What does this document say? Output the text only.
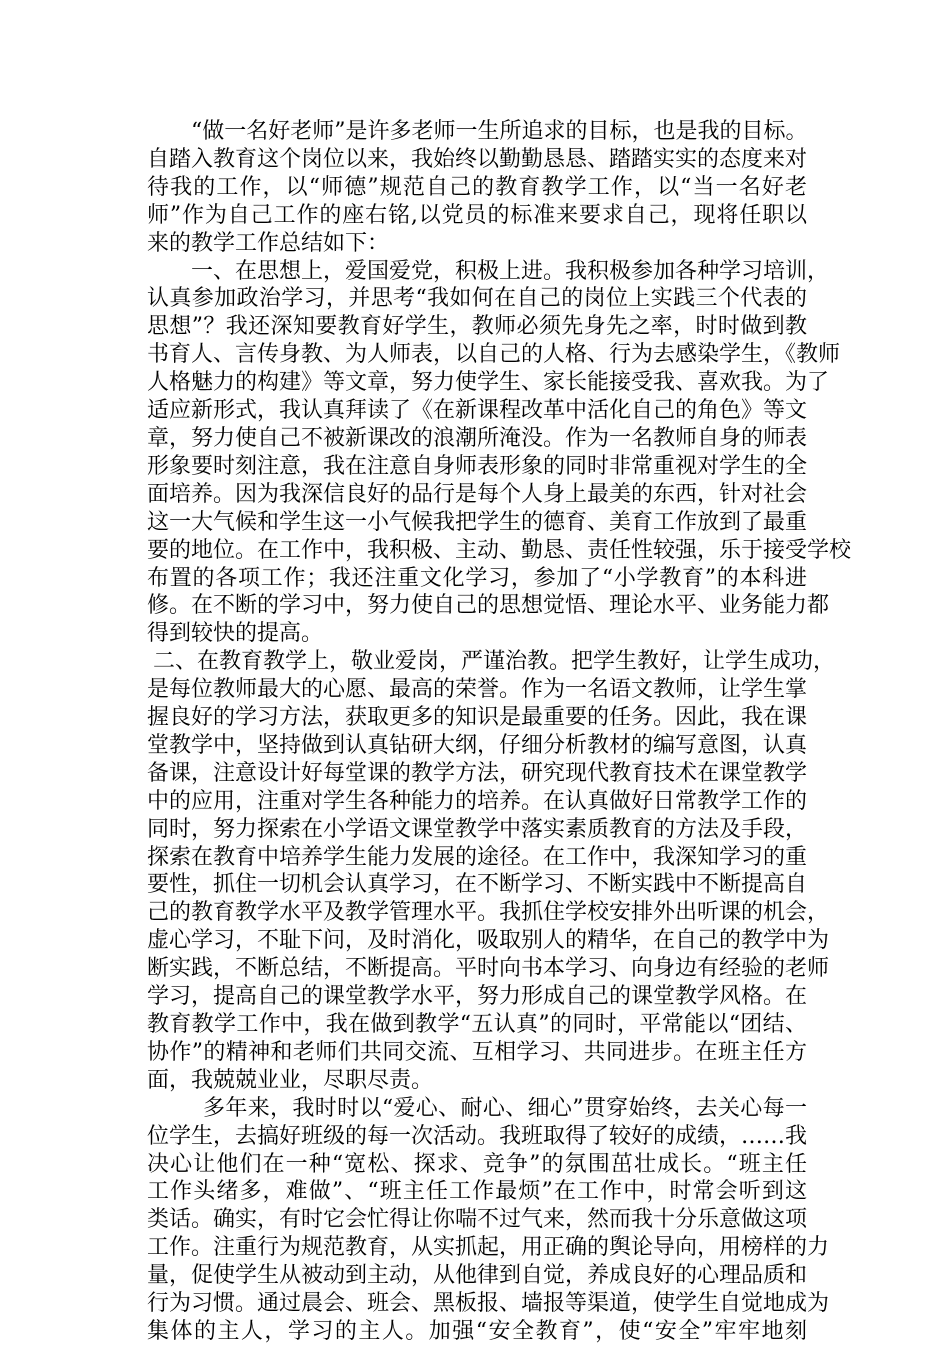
“做一名好老师”是许多老师一生所追求的目标，也是我的目标。
自踏入教育这个岗位以来，我始终以勤勤恳恳、踏踏实实的态度来对
待我的工作，以“师德”规范自己的教育教学工作，以“当一名好老
师”作为自己工作的座右铭,以党员的标准来要求自己，现将任职以
来的教学工作总结如下：
一、在思想上，爱国爱党，积极上进。我积极参加各种学习培训，
认真参加政治学习，并思考“我如何在自己的岗位上实践三个代表的
思想”？我还深知要教育好学生，教师必须先身先之率，时时做到教
书育人、言传身教、为人师表，以自己的人格、行为去感染学生，《教师
人格魅力的构建》等文章，努力使学生、家长能接受我、喜欢我。为了
适应新形式，我认真拜读了《在新课程改革中活化自己的角色》等文
章，努力使自己不被新课改的浪潮所淹没。作为一名教师自身的师表
形象要时刻注意，我在注意自身师表形象的同时非常重视对学生的全
面培养。因为我深信良好的品行是每个人身上最美的东西，针对社会
这一大气候和学生这一小气候我把学生的德育、美育工作放到了最重
要的地位。在工作中，我积极、主动、勤恳、责任性较强，乐于接受学校
布置的各项工作；我还注重文化学习，参加了“小学教育”的本科进
修。在不断的学习中，努力使自己的思想觉悟、理论水平、业务能力都
得到较快的提高。
二、在教育教学上，敬业爱岗，严谨治教。把学生教好，让学生成功，
是每位教师最大的心愿、最高的荣誉。作为一名语文教师，让学生掌
握良好的学习方法，获取更多的知识是最重要的任务。因此，我在课
堂教学中，坚持做到认真钻研大纲，仔细分析教材的编写意图，认真
备课，注意设计好每堂课的教学方法，研究现代教育技术在课堂教学
中的应用，注重对学生各种能力的培养。在认真做好日常教学工作的
同时，努力探索在小学语文课堂教学中落实素质教育的方法及手段，
探索在教育中培养学生能力发展的途径。在工作中，我深知学习的重
要性，抓住一切机会认真学习，在不断学习、不断实践中不断提高自
己的教育教学水平及教学管理水平。我抓住学校安排外出听课的机会，
虚心学习，不耻下问，及时消化，吸取别人的精华，在自己的教学中为
断实践，不断总结，不断提高。平时向书本学习、向身边有经验的老师
学习，提高自己的课堂教学水平，努力形成自己的课堂教学风格。在
教育教学工作中，我在做到教学“五认真”的同时，平常能以“团结、
协作”的精神和老师们共同交流、互相学习、共同进步。在班主任方
面，我兢兢业业，尽职尽责。
多年来，我时时以“爱心、耐心、细心”贯穿始终，去关心每一
位学生，去搞好班级的每一次活动。我班取得了较好的成绩，……我
决心让他们在一种“宽松、探求、竞争”的氛围茁壮成长。“班主任
工作头绪多，难做”、“班主任工作最烦”在工作中，时常会听到这
类话。确实，有时它会忙得让你喘不过气来，然而我十分乐意做这项
工作。注重行为规范教育，从实抓起，用正确的舆论导向，用榜样的力
量，促使学生从被动到主动，从他律到自觉，养成良好的心理品质和
行为习惯。通过晨会、班会、黑板报、墙报等渠道，使学生自觉地成为
集体的主人，学习的主人。加强“安全教育”，使“安全”牢牢地刻
